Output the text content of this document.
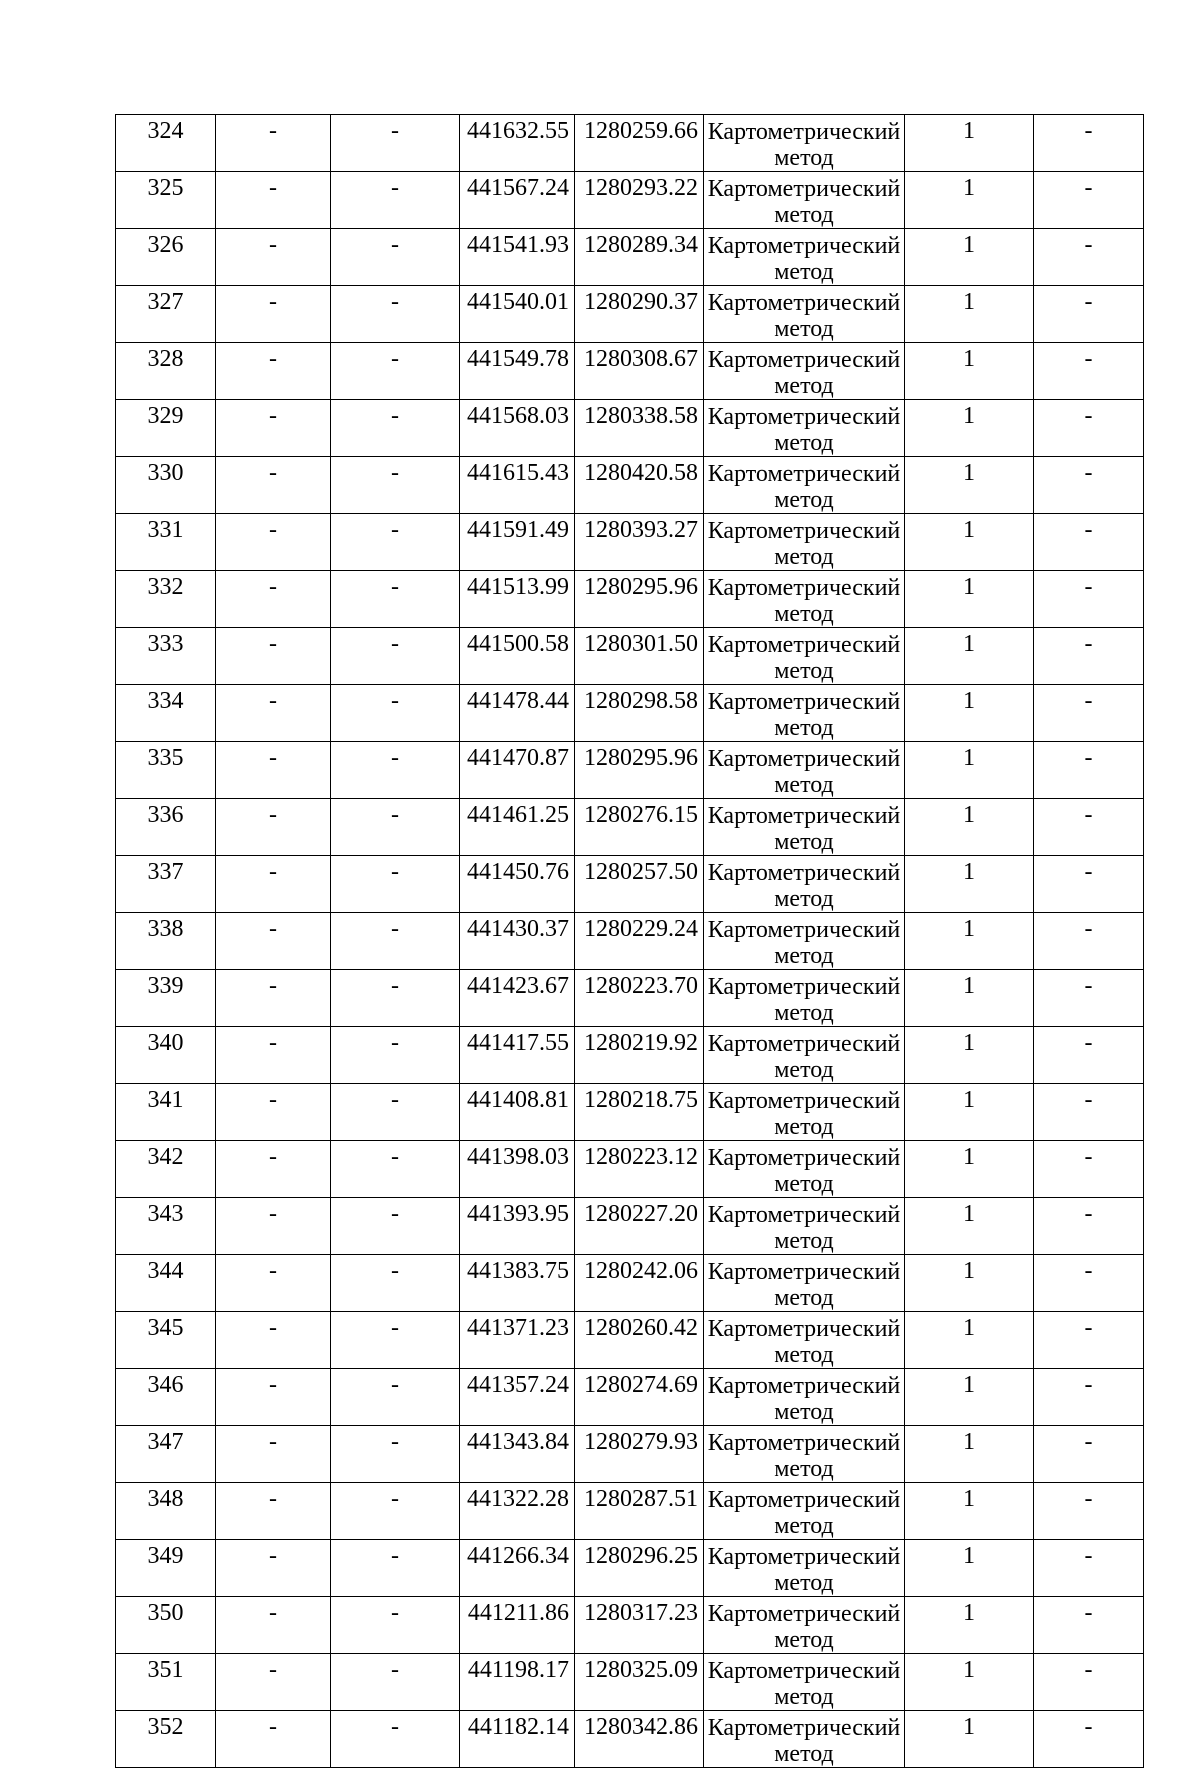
324	-	-	441632.55	1280259.66	Картометрический метод	1	-

325	-	-	441567.24	1280293.22	Картометрический метод	1	-

326	-	-	441541.93	1280289.34	Картометрический метод	1	-

327	-	-	441540.01	1280290.37	Картометрический метод	1	-

328	-	-	441549.78	1280308.67	Картометрический метод	1	-

329	-	-	441568.03	1280338.58	Картометрический метод	1	-

330	-	-	441615.43	1280420.58	Картометрический метод	1	-

331	-	-	441591.49	1280393.27	Картометрический метод	1	-

332	-	-	441513.99	1280295.96	Картометрический метод	1	-

333	-	-	441500.58	1280301.50	Картометрический метод	1	-

334	-	-	441478.44	1280298.58	Картометрический метод	1	-

335	-	-	441470.87	1280295.96	Картометрический метод	1	-

336	-	-	441461.25	1280276.15	Картометрический метод	1	-

337	-	-	441450.76	1280257.50	Картометрический метод	1	-

338	-	-	441430.37	1280229.24	Картометрический метод	1	-

339	-	-	441423.67	1280223.70	Картометрический метод	1	-

340	-	-	441417.55	1280219.92	Картометрический метод	1	-

341	-	-	441408.81	1280218.75	Картометрический метод	1	-

342	-	-	441398.03	1280223.12	Картометрический метод	1	-

343	-	-	441393.95	1280227.20	Картометрический метод	1	-

344	-	-	441383.75	1280242.06	Картометрический метод	1	-

345	-	-	441371.23	1280260.42	Картометрический метод	1	-

346	-	-	441357.24	1280274.69	Картометрический метод	1	-

347	-	-	441343.84	1280279.93	Картометрический метод	1	-

348	-	-	441322.28	1280287.51	Картометрический метод	1	-

349	-	-	441266.34	1280296.25	Картометрический метод	1	-

350	-	-	441211.86	1280317.23	Картометрический метод	1	-

351	-	-	441198.17	1280325.09	Картометрический метод	1	-

352	-	-	441182.14	1280342.86	Картометрический метод	1	-
